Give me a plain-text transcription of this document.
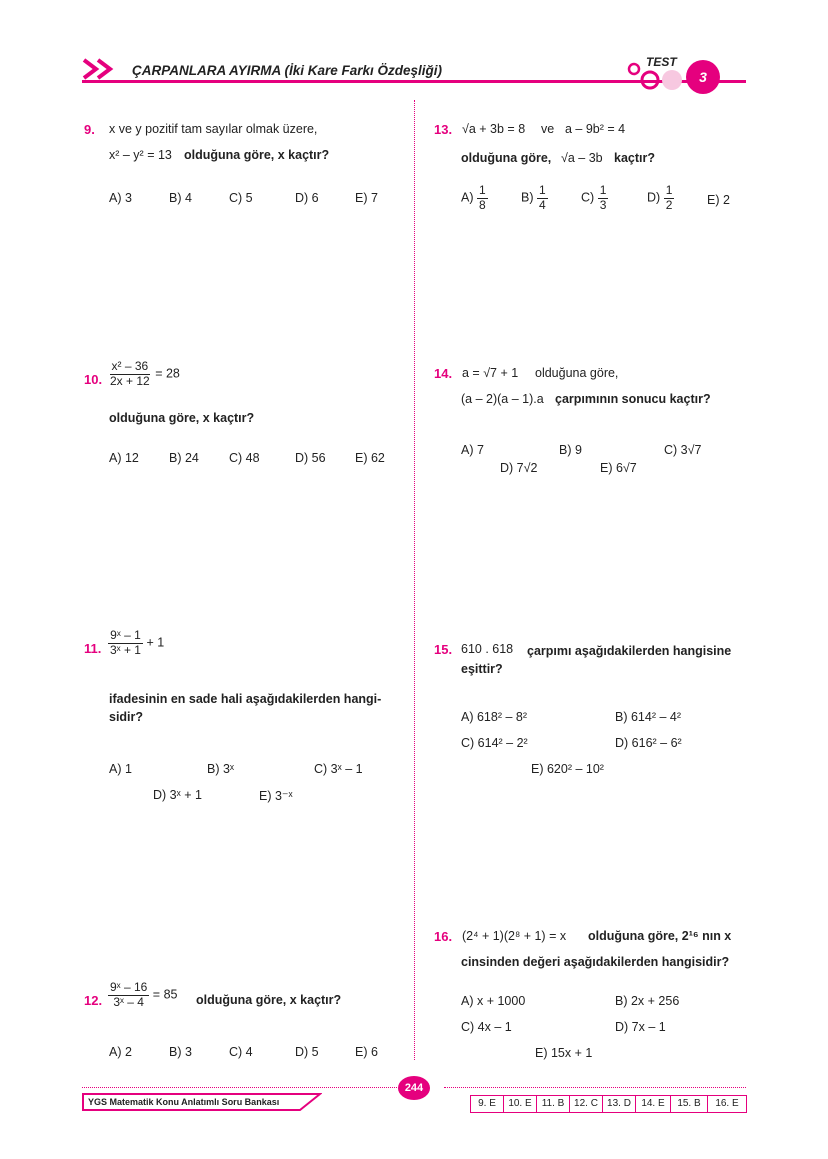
ÇARPANLARA AYIRMA (İki Kare Farkı Özdeşliği)
TEST
3
9. x ve y pozitif tam sayılar olmak üzere,
x² – y² = 13 olduğuna göre, x kaçtır?
A) 3	B) 4	C) 5	D) 6	E) 7
10. $\frac{\text{x² – 36}}{2x + 12} = 28$
olduğuna göre, x kaçtır?
A) 12 B) 24 C) 48	D) 56 E) 62
11. $\frac{\text{9ˣ – 1}}{\text{3ˣ + 1}} + 1$
ifadesinin en sade hali aşağıdakilerden hangi-sidir?
A) 1	B) 3ˣ	C) 3ˣ – 1
D) 3ˣ + 1	E) 3⁻ˣ
12. $\frac{\text{9ˣ – 16}}{\text{3ˣ – 4}} = 85$ olduğuna göre, x kaçtır?
A) 2	B) 3	C) 4	D) 5	E) 6
13. √a + 3b = 8 ve a – 9b² = 4
olduğuna göre, √a – 3b kaçtır?
$A) \frac{1}{8}$	$B) \frac{1}{4}$	$C) \frac{1}{3}$	$D) \frac{1}{2}$	E) 2
14. a = √7 + 1 olduğuna göre,
(a – 2)(a – 1).a çarpımının sonucu kaçtır?
A) 7	B) 9	C) 3√7
D) 7√2	E) 6√7
15. 610 . 618	çarpımı aşağıdakilerden hangisine eşittir?
A) 618² – 8²	B) 614² – 4²
C) 614² – 2²	D) 616² – 6²
E) 620² – 10²
16. (2⁴ + 1)(2⁸ + 1) = x olduğuna göre, 2¹⁶ nın x
cinsinden değeri aşağıdakilerden hangisidir?
A) x + 1000	B) 2x + 256
C) 4x – 1	D) 7x – 1
E) 15x + 1
244
YGS Matematik Konu Anlatımlı Soru Bankası	9. E	10. E	11. B 12. C 13. D	14. E	15. B	16. E
